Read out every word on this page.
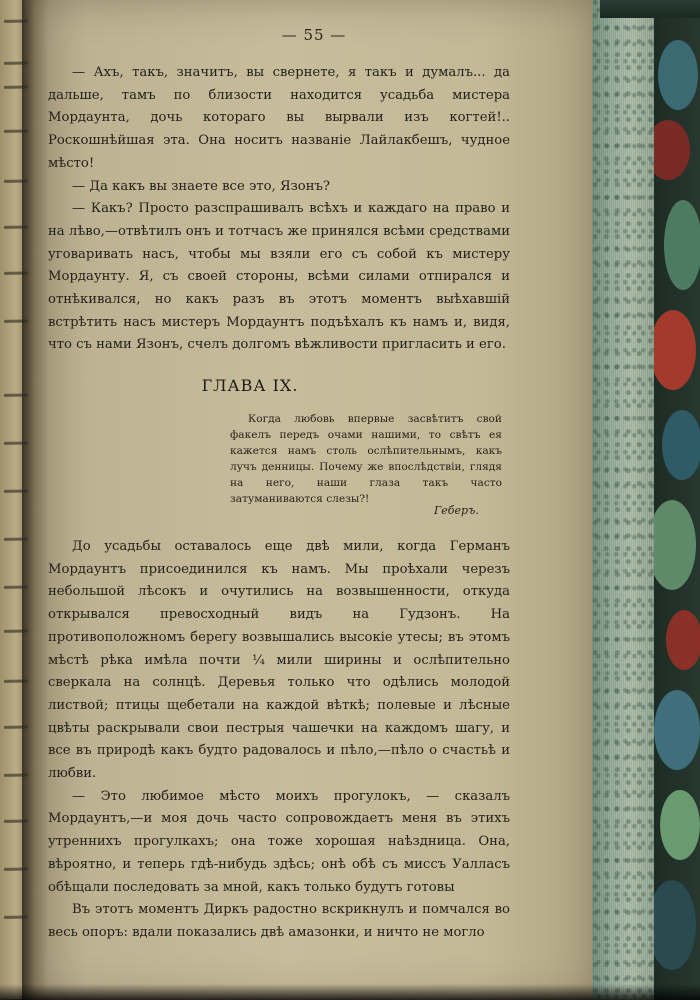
— 55 —

— Ахъ, такъ, значитъ, вы свернете, я такъ и думалъ... да дальше, тамъ по близости находится усадьба мистера Мордаунта, дочь котораго вы вырвали изъ когтей!.. Роскошнѣйшая эта. Она носитъ названіе Лайлакбешъ, чудное мѣсто!

— Да какъ вы знаете все это, Язонъ?

— Какъ? Просто разспрашивалъ всѣхъ и каждаго на право и на лѣво,—отвѣтилъ онъ и тотчасъ же принялся всѣми средствами уговаривать насъ, чтобы мы взяли его съ собой къ мистеру Мордаунту. Я, съ своей стороны, всѣми силами отпирался и отнѣкивался, но какъ разъ въ этотъ моментъ выѣхавшій встрѣтить насъ мистеръ Мордаунтъ подъѣхалъ къ намъ и, видя, что съ нами Язонъ, счелъ долгомъ вѣжливости пригласить и его.

ГЛАВА IX.

Когда любовь впервые засвѣтитъ свой факелъ передъ очами нашими, то свѣтъ ея кажется намъ столь ослѣпительнымъ, какъ лучъ денницы. Почему же впослѣдствіи, глядя на него, наши глаза такъ часто затуманиваются слезы?!

Геберъ.

До усадьбы оставалось еще двѣ мили, когда Германъ Мордаунтъ присоединился къ намъ. Мы проѣхали черезъ небольшой лѣсокъ и очутились на возвышенности, откуда открывался превосходный видъ на Гудзонъ. На противоположномъ берегу возвышались высокіе утесы; въ этомъ мѣстѣ рѣка имѣла почти ¼ мили ширины и ослѣпительно сверкала на солнцѣ. Деревья только что одѣлись молодой листвой; птицы щебетали на каждой вѣткѣ; полевые и лѣсные цвѣты раскрывали свои пестрыя чашечки на каждомъ шагу, и все въ природѣ какъ будто радовалось и пѣло,—пѣло о счастьѣ и любви.

— Это любимое мѣсто моихъ прогулокъ, — сказалъ Мордаунтъ,—и моя дочь часто сопровождаетъ меня въ этихъ утреннихъ прогулкахъ; она тоже хорошая наѣздница. Она, вѣроятно, и теперь гдѣ-нибудь здѣсь; онѣ обѣ съ миссъ Уалласъ обѣщали последовать за мной, какъ только будутъ готовы

Въ этотъ моментъ Диркъ радостно вскрикнулъ и помчался во весь опоръ: вдали показались двѣ амазонки, и ничто не могло
